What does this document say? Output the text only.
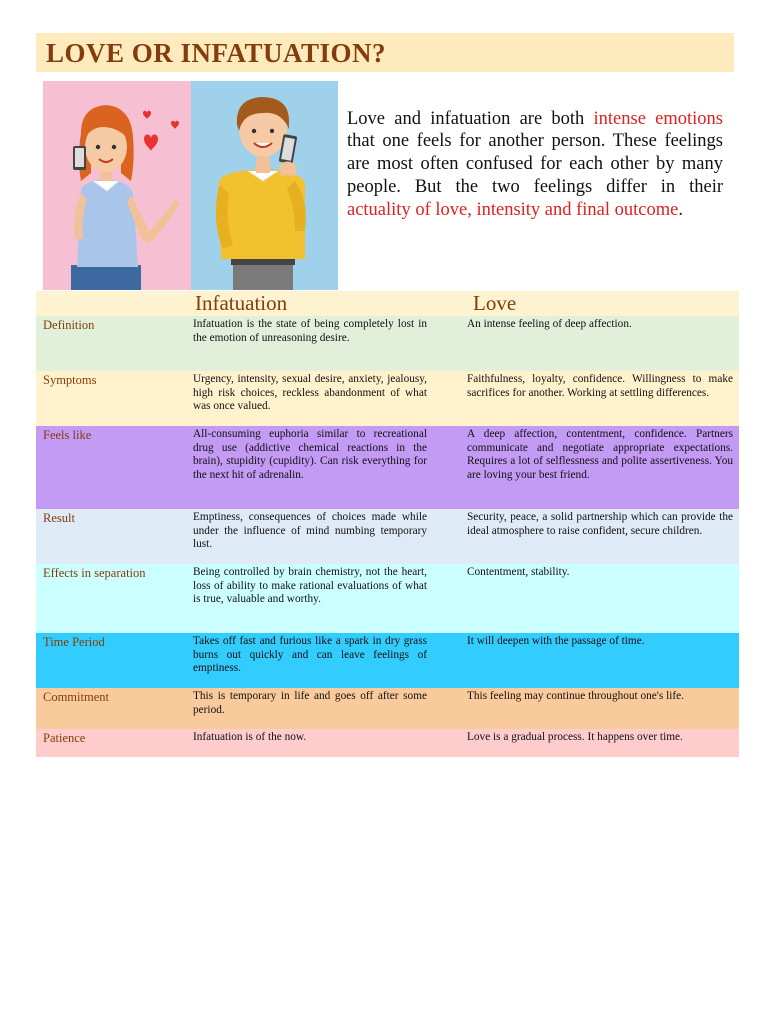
LOVE OR INFATUATION?

Love and infatuation are both intense emotions that one feels for another person. These feelings are most often confused for each other by many people. But the two feelings differ in their actuality of love, intensity and final outcome.

	Infatuation	Love
Definition	Infatuation is the state of being completely lost in the emotion of unreasoning desire.	An intense feeling of deep affection.
Symptoms	Urgency, intensity, sexual desire, anxiety, jealousy, high risk choices, reckless abandonment of what was once valued.	Faithfulness, loyalty, confidence. Willingness to make sacrifices for another. Working at settling differences.
Feels like	All-consuming euphoria similar to recreational drug use (addictive chemical reactions in the brain), stupidity (cupidity). Can risk everything for the next hit of adrenalin.	A deep affection, contentment, confidence. Partners communicate and negotiate appropriate expectations. Requires a lot of selflessness and polite assertiveness. You are loving your best friend.
Result	Emptiness, consequences of choices made while under the influence of mind numbing temporary lust.	Security, peace, a solid partnership which can provide the ideal atmosphere to raise confident, secure children.
Effects in separation	Being controlled by brain chemistry, not the heart, loss of ability to make rational evaluations of what is true, valuable and worthy.	Contentment, stability.
Time Period	Takes off fast and furious like a spark in dry grass burns out quickly and can leave feelings of emptiness.	It will deepen with the passage of time.
Commitment	This is temporary in life and goes off after some period.	This feeling may continue throughout one's life.
Patience	Infatuation is of the now.	Love is a gradual process. It happens over time.
